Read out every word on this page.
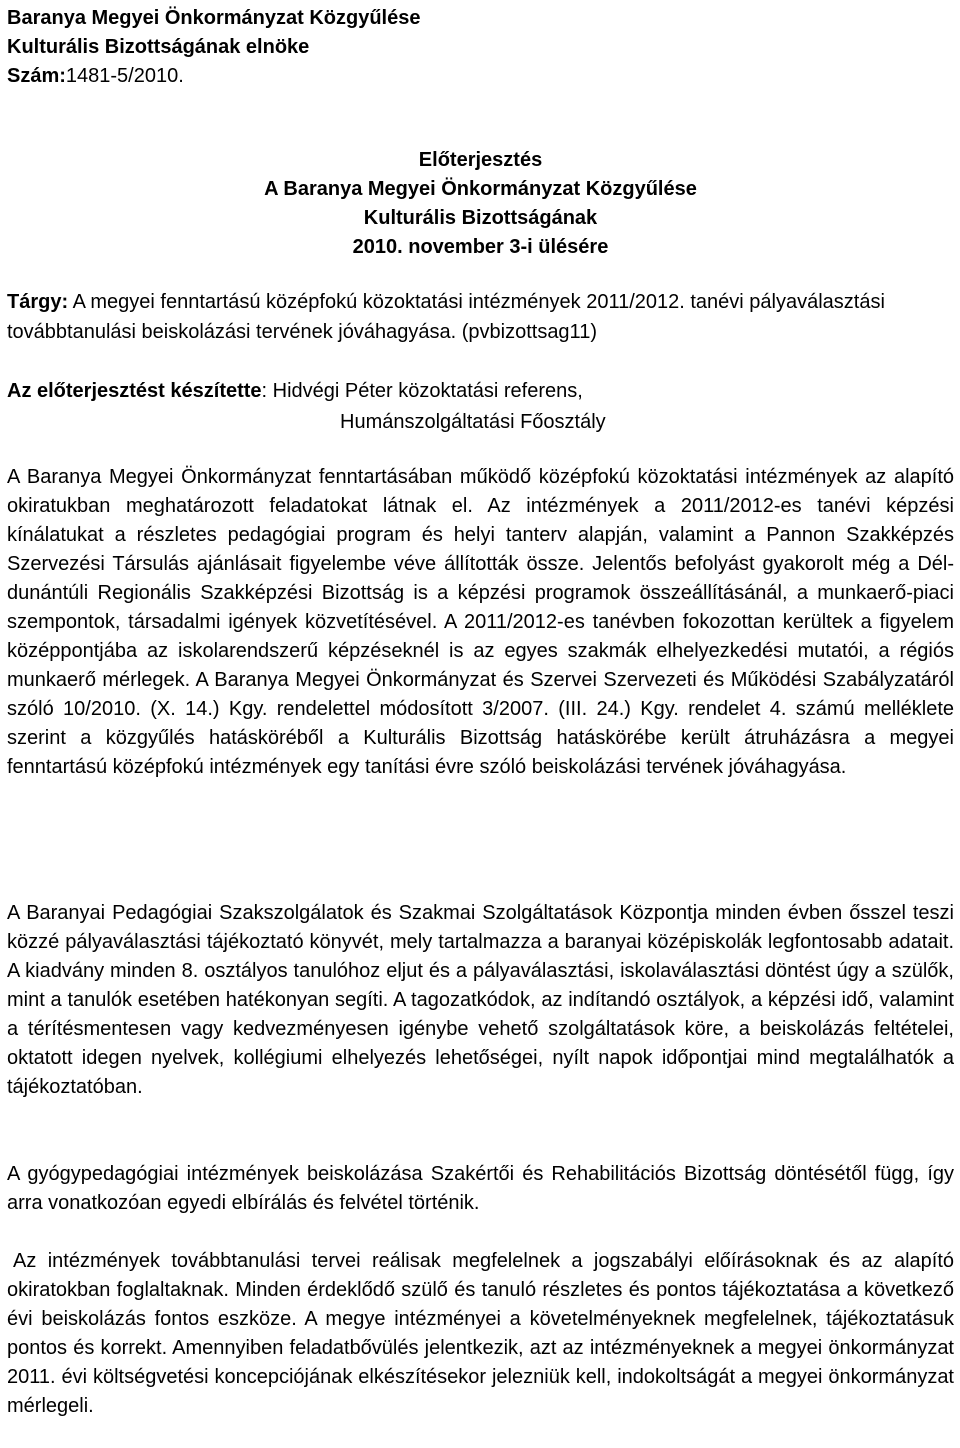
Baranya Megyei Önkormányzat Közgyűlése
Kulturális Bizottságának elnöke
Szám:1481-5/2010.
Előterjesztés
A Baranya Megyei Önkormányzat Közgyűlése
Kulturális Bizottságának
2010. november 3-i ülésére
Tárgy: A megyei fenntartású középfokú közoktatási intézmények 2011/2012. tanévi pályaválasztási továbbtanulási beiskolázási tervének jóváhagyása. (pvbizottsag11)
Az előterjesztést készítette: Hidvégi Péter közoktatási referens,
Humánszolgáltatási Főosztály

A Baranya Megyei Önkormányzat fenntartásában működő középfokú közoktatási intézmények az alapító okiratukban meghatározott feladatokat látnak el. Az intézmények a 2011/2012-es tanévi képzési kínálatukat a részletes pedagógiai program és helyi tanterv alapján, valamint a Pannon Szakképzés Szervezési Társulás ajánlásait figyelembe véve állították össze. Jelentős befolyást gyakorolt még a Dél-dunántúli Regionális Szakképzési Bizottság is a képzési programok összeállításánál, a munkaerő-piaci szempontok, társadalmi igények közvetítésével. A 2011/2012-es tanévben fokozottan kerültek a figyelem középpontjába az iskolarendszerű képzéseknél is az egyes szakmák elhelyezkedési mutatói, a régiós munkaerő mérlegek. A Baranya Megyei Önkormányzat és Szervei Szervezeti és Működési Szabályzatáról szóló 10/2010. (X. 14.) Kgy. rendelettel módosított 3/2007. (III. 24.) Kgy. rendelet 4. számú melléklete szerint a közgyűlés hatásköréből a Kulturális Bizottság hatáskörébe került átruházásra a megyei fenntartású középfokú intézmények egy tanítási évre szóló beiskolázási tervének jóváhagyása.

A Baranyai Pedagógiai Szakszolgálatok és Szakmai Szolgáltatások Központja minden évben ősszel teszi közzé pályaválasztási tájékoztató könyvét, mely tartalmazza a baranyai középiskolák legfontosabb adatait. A kiadvány minden 8. osztályos tanulóhoz eljut és a pályaválasztási, iskolaválasztási döntést úgy a szülők, mint a tanulók esetében hatékonyan segíti. A tagozatkódok, az indítandó osztályok, a képzési idő, valamint a térítésmentesen vagy kedvezményesen igénybe vehető szolgáltatások köre, a beiskolázás feltételei, oktatott idegen nyelvek, kollégiumi elhelyezés lehetőségei, nyílt napok időpontjai mind megtalálhatók a tájékoztatóban.

A gyógypedagógiai intézmények beiskolázása Szakértői és Rehabilitációs Bizottság döntésétől függ, így arra vonatkozóan egyedi elbírálás és felvétel történik.

Az intézmények továbbtanulási tervei reálisak megfelelnek a jogszabályi előírásoknak és az alapító okiratokban foglaltaknak. Minden érdeklődő szülő és tanuló részletes és pontos tájékoztatása a következő évi beiskolázás fontos eszköze. A megye intézményei a követelményeknek megfelelnek, tájékoztatásuk pontos és korrekt. Amennyiben feladatbővülés jelentkezik, azt az intézményeknek a megyei önkormányzat 2011. évi költségvetési koncepciójának elkészítésekor jelezniük kell, indokoltságát a megyei önkormányzat mérlegeli.
